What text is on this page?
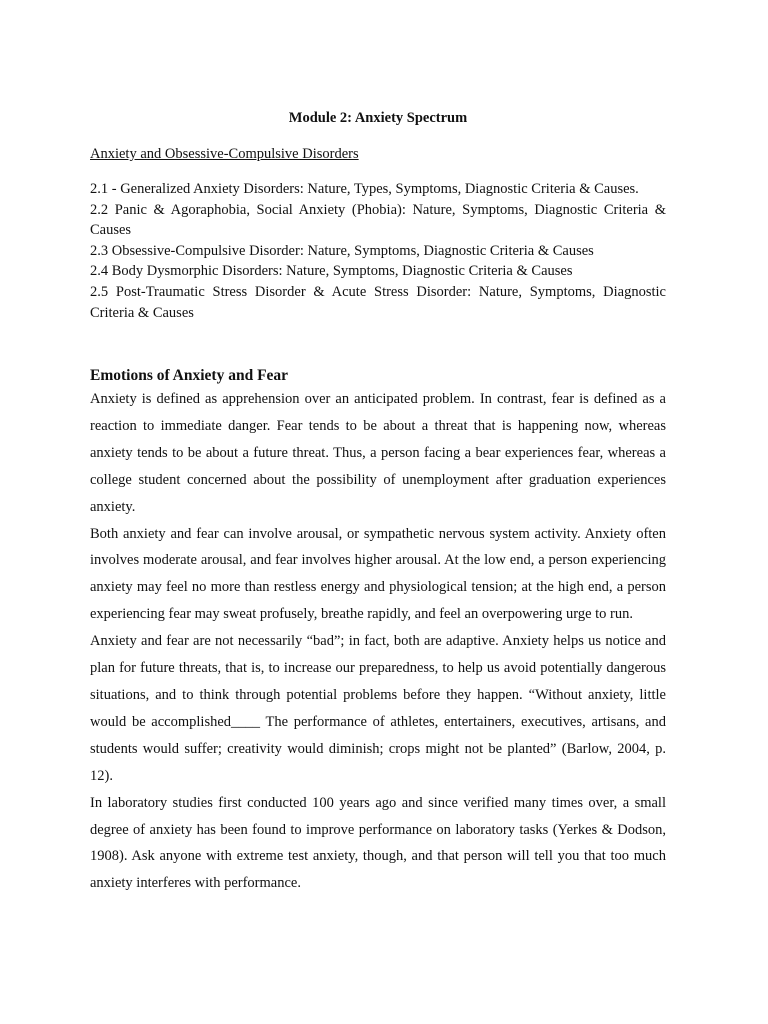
Module 2: Anxiety Spectrum
Anxiety and Obsessive-Compulsive Disorders
2.1 - Generalized Anxiety Disorders: Nature, Types, Symptoms, Diagnostic Criteria & Causes.
2.2 Panic & Agoraphobia, Social Anxiety (Phobia): Nature, Symptoms, Diagnostic Criteria & Causes
2.3 Obsessive-Compulsive Disorder: Nature, Symptoms, Diagnostic Criteria & Causes
2.4 Body Dysmorphic Disorders: Nature, Symptoms, Diagnostic Criteria & Causes
2.5 Post-Traumatic Stress Disorder & Acute Stress Disorder: Nature, Symptoms, Diagnostic Criteria & Causes
Emotions of Anxiety and Fear

Anxiety is defined as apprehension over an anticipated problem. In contrast, fear is defined as a reaction to immediate danger. Fear tends to be about a threat that is happening now, whereas anxiety tends to be about a future threat. Thus, a person facing a bear experiences fear, whereas a college student concerned about the possibility of unemployment after graduation experiences anxiety.

Both anxiety and fear can involve arousal, or sympathetic nervous system activity. Anxiety often involves moderate arousal, and fear involves higher arousal. At the low end, a person experiencing anxiety may feel no more than restless energy and physiological tension; at the high end, a person experiencing fear may sweat profusely, breathe rapidly, and feel an overpowering urge to run.

Anxiety and fear are not necessarily “bad”; in fact, both are adaptive. Anxiety helps us notice and plan for future threats, that is, to increase our preparedness, to help us avoid potentially dangerous situations, and to think through potential problems before they happen. “Without anxiety, little would be accomplished____ The performance of athletes, entertainers, executives, artisans, and students would suffer; creativity would diminish; crops might not be planted” (Barlow, 2004, p. 12).

In laboratory studies first conducted 100 years ago and since verified many times over, a small degree of anxiety has been found to improve performance on laboratory tasks (Yerkes & Dodson, 1908). Ask anyone with extreme test anxiety, though, and that person will tell you that too much anxiety interferes with performance.
